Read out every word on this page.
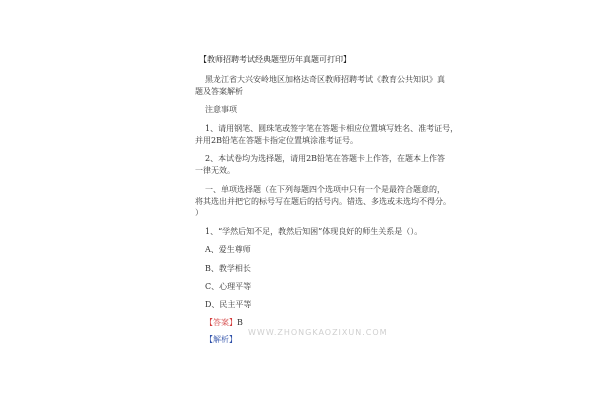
【教师招聘考试经典题型历年真题可打印】
黑龙江省大兴安岭地区加格达奇区教师招聘考试《教育公共知识》真
题及答案解析
注意事项
1、请用钢笔、圆珠笔或签字笔在答题卡相应位置填写姓名、准考证号，
并用2B铅笔在答题卡指定位置填涂准考证号。
2、本试卷均为选择题，请用2B铅笔在答题卡上作答，在题本上作答
一律无效。
一、单项选择题（在下列每题四个选项中只有一个是最符合题意的，
将其选出并把它的标号写在题后的括号内。错选、多选或未选均不得分。
）
1、“学然后知不足，教然后知困”体现良好的师生关系是（）。
A、爱生尊师
B、教学相长
C、心理平等
D、民主平等
【答案】B
【解析】
WWW.ZHONGKAOZIXUN.COM
